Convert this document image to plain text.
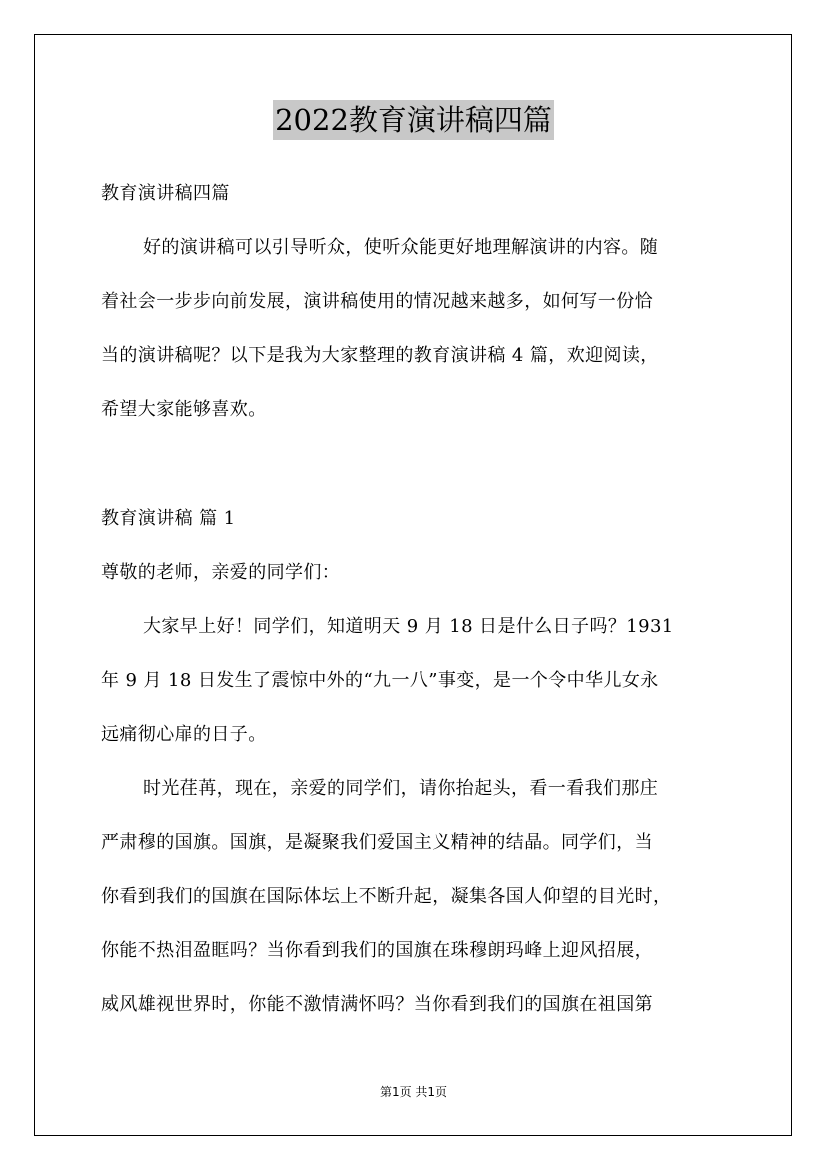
2022教育演讲稿四篇
教育演讲稿四篇
好的演讲稿可以引导听众，使听众能更好地理解演讲的内容。随
着社会一步步向前发展，演讲稿使用的情况越来越多，如何写一份恰
当的演讲稿呢？以下是我为大家整理的教育演讲稿 4 篇，欢迎阅读，
希望大家能够喜欢。
教育演讲稿 篇 1
尊敬的老师，亲爱的同学们：
大家早上好！同学们，知道明天 9 月 18 日是什么日子吗？1931
年 9 月 18 日发生了震惊中外的“九一八”事变，是一个令中华儿女永
远痛彻心扉的日子。
时光荏苒，现在，亲爱的同学们，请你抬起头，看一看我们那庄
严肃穆的国旗。国旗，是凝聚我们爱国主义精神的结晶。同学们，当
你看到我们的国旗在国际体坛上不断升起，凝集各国人仰望的目光时，
你能不热泪盈眶吗？当你看到我们的国旗在珠穆朗玛峰上迎风招展，
威风雄视世界时，你能不激情满怀吗？当你看到我们的国旗在祖国第
第1页 共1页
